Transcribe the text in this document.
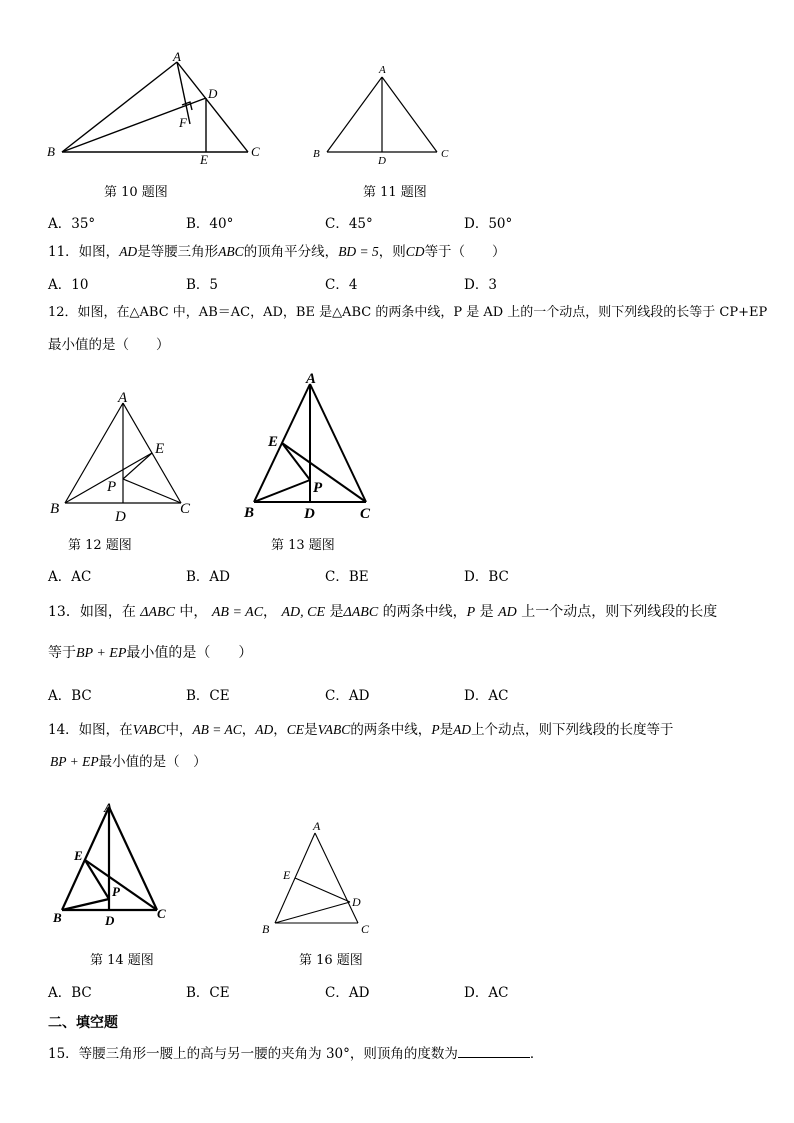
A
B	C
D
E
F
第 10 题图
A
B	C
D
第 11 题图
A．35°	B．40°	C．45°	D．50°
11．如图，AD是等腰三角形ABC的顶角平分线，BD = 5，则CD等于（　　）
A．10	B．5	C．4	D．3
12．如图，在△ABC 中，AB＝AC，AD，BE 是△ABC 的两条中线，P 是 AD 上的一个动点，则下列线段的长等于 CP+EP
最小值的是（　　）
A
B	C
D
E
P
第 12 题图
A
B	C
D
E
P
第 13 题图
A．AC	B．AD	C．BE	D．BC
13．如图，在 ΔABC 中， AB = AC， AD, CE 是ΔABC 的两条中线，P 是 AD 上一个动点，则下列线段的长度
等于BP + EP最小值的是（　　）
A．BC	B．CE	C．AD	D．AC
14．如图，在VABC中，AB = AC，AD，CE是VABC的两条中线，P是AD上个动点，则下列线段的长度等于
BP + EP最小值的是（　）
A
B	C
D
E
P
第 14 题图
A
B	C
D
E
第 16 题图
A．BC	B．CE	C．AD	D．AC
二、填空题
15．等腰三角形一腰上的高与另一腰的夹角为 30°，则顶角的度数为	．
